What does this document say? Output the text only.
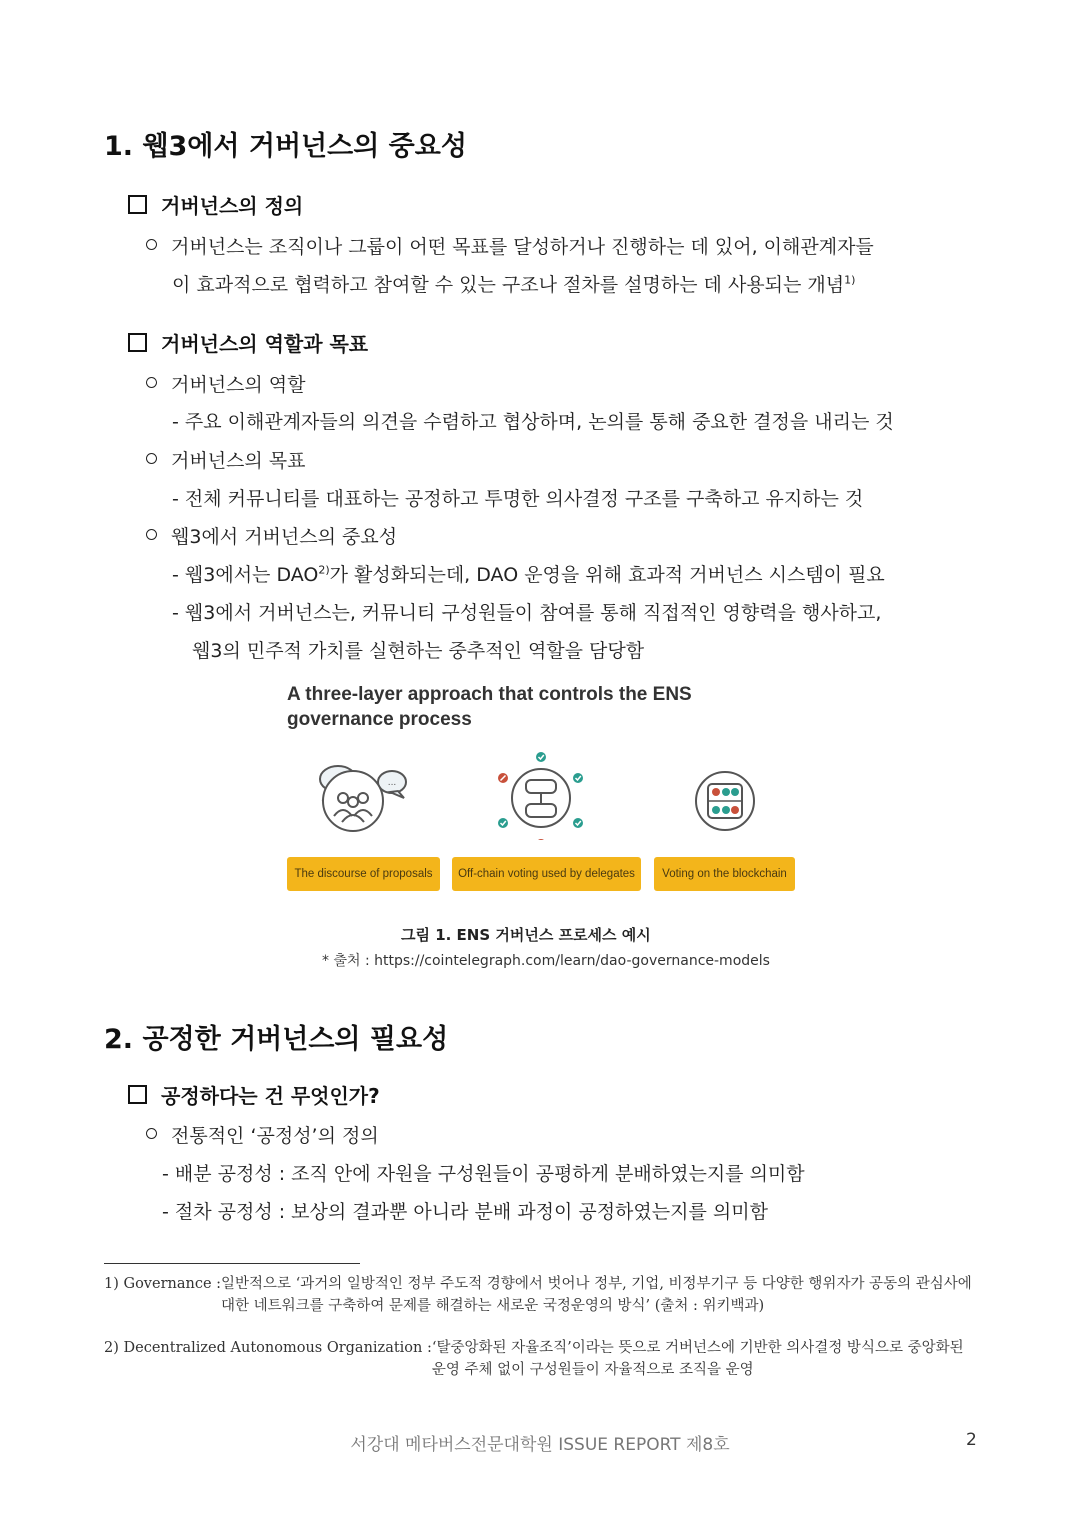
1. 웹3에서 거버넌스의 중요성
거버넌스의 정의
거버넌스는 조직이나 그룹이 어떤 목표를 달성하거나 진행하는 데 있어, 이해관계자들
이 효과적으로 협력하고 참여할 수 있는 구조나 절차를 설명하는 데 사용되는 개념$^{1)}$
거버넌스의 역할과 목표
거버넌스의 역할
- 주요 이해관계자들의 의견을 수렴하고 협상하며, 논의를 통해 중요한 결정을 내리는 것
거버넌스의 목표
- 전체 커뮤니티를 대표하는 공정하고 투명한 의사결정 구조를 구축하고 유지하는 것
웹3에서 거버넌스의 중요성
- 웹3에서는 DAO$^{2)}$가 활성화되는데, DAO 운영을 위해 효과적 거버넌스 시스템이 필요
- 웹3에서 거버넌스는, 커뮤니티 구성원들이 참여를 통해 직접적인 영향력을 행사하고,
웹3의 민주적 가치를 실현하는 중추적인 역할을 담당함
A three-layer approach that controls the ENS governance process
...
The discourse of proposals	Off-chain voting used by delegates	Voting on the blockchain
그림 1. ENS 거버넌스 프로세스 예시
* 출처 : https://cointelegraph.com/learn/dao-governance-models
2. 공정한 거버넌스의 필요성
공정하다는 건 무엇인가?
전통적인 ‘공정성’의 정의
- 배분 공정성 : 조직 안에 자원을 구성원들이 공평하게 분배하였는지를 의미함
- 절차 공정성 : 보상의 결과뿐 아니라 분배 과정이 공정하였는지를 의미함
1) Governance : 일반적으로 ‘과거의 일방적인 정부 주도적 경향에서 벗어나 정부, 기업, 비정부기구 등 다양한 행위자가 공동의 관심사에 대한 네트워크를 구축하여 문제를 해결하는 새로운 국정운영의 방식’ (출처 : 위키백과)
2) Decentralized Autonomous Organization : ‘탈중앙화된 자율조직’이라는 뜻으로 거버넌스에 기반한 의사결정 방식으로 중앙화된 운영 주체 없이 구성원들이 자율적으로 조직을 운영
서강대 메타버스전문대학원 ISSUE REPORT 제8호	2
